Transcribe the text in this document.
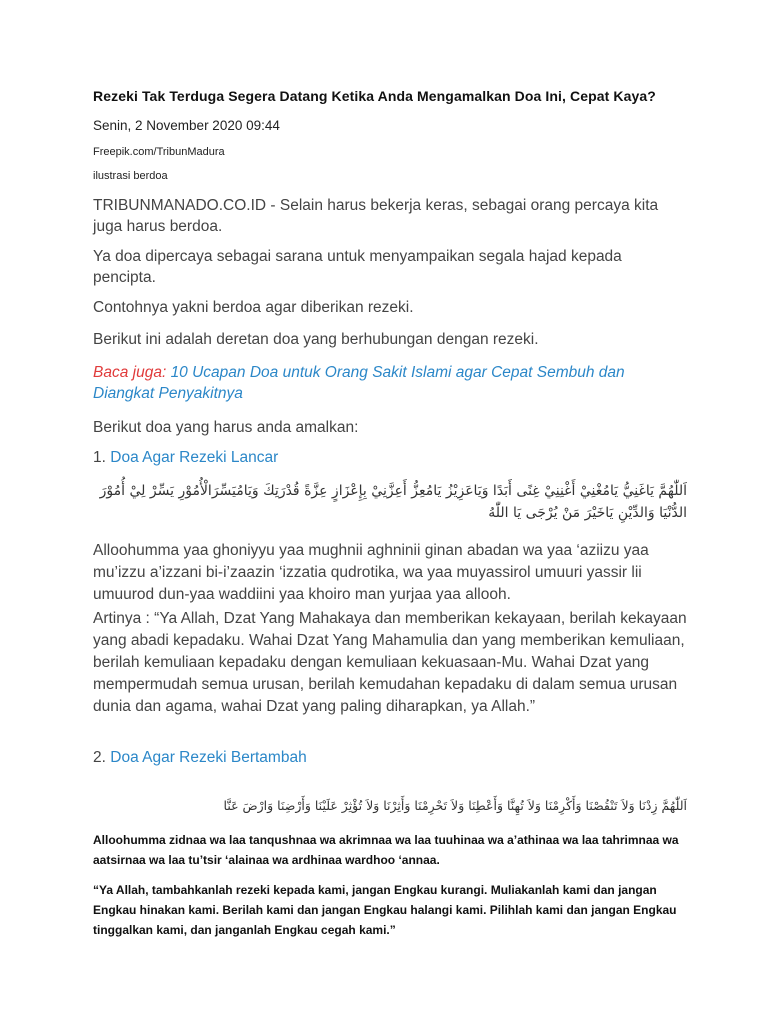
Rezeki Tak Terduga Segera Datang Ketika Anda Mengamalkan Doa Ini, Cepat Kaya?
Senin, 2 November 2020 09:44
Freepik.com/TribunMadura
ilustrasi berdoa

TRIBUNMANADO.CO.ID - Selain harus bekerja keras, sebagai orang percaya kita juga harus berdoa.

Ya doa dipercaya sebagai sarana untuk menyampaikan segala hajad kepada pencipta.

Contohnya yakni berdoa agar diberikan rezeki.

Berikut ini adalah deretan doa yang berhubungan dengan rezeki.

Baca juga: 10 Ucapan Doa untuk Orang Sakit Islami agar Cepat Sembuh dan Diangkat Penyakitnya

Berikut doa yang harus anda amalkan:

1. Doa Agar Rezeki Lancar

اَللّٰهُمَّ يَاغَنِيُّ يَامُغْنِيْ أَغْنِنِيْ غِنًى أَبَدًا وَيَاعَزِيْزُ يَامُعِزُّ أَعِزَّنِيْ بِإِعْزَازٍ عِزَّةً قُدْرَتِكَ وَيَامُيَسِّرَالْأُمُوْرِ يَسِّرْ لِيْ أُمُوْرَ الدُّنْيَا وَالدِّيْنِ يَاخَيْرَ مَنْ يُرْجَى يَا اللّٰهُ

Alloohumma yaa ghoniyyu yaa mughnii aghninii ginan abadan wa yaa ‘aziizu yaa mu’izzu a’izzani bi-i’zaazin ‘izzatia qudrotika, wa yaa muyassirol umuuri yassir lii umuurod dun-yaa waddiini yaa khoiro man yurjaa yaa allooh.

Artinya : “Ya Allah, Dzat Yang Mahakaya dan memberikan kekayaan, berilah kekayaan yang abadi kepadaku. Wahai Dzat Yang Mahamulia dan yang memberikan kemuliaan, berilah kemuliaan kepadaku dengan kemuliaan kekuasaan-Mu. Wahai Dzat yang mempermudah semua urusan, berilah kemudahan kepadaku di dalam semua urusan dunia dan agama, wahai Dzat yang paling diharapkan, ya Allah.”

2. Doa Agar Rezeki Bertambah

اَللّٰهُمَّ زِدْنَا وَلاَ تَنْقُصْنَا وَأَكْرِمْنَا وَلاَ تُهِنَّا وَأَعْطِنَا وَلاَ تَحْرِمْنَا وَأَثِرْنَا وَلاَ تُؤْثِرْ عَلَيْنَا وَأَرْضِنَا وَارْضَ عَنَّا

Alloohumma zidnaa wa laa tanqushnaa wa akrimnaa wa laa tuuhinaa wa a’athinaa wa laa tahrimnaa wa aatsirnaa wa laa tu’tsir ‘alainaa wa ardhinaa wardhoo ‘annaa.

“Ya Allah, tambahkanlah rezeki kepada kami, jangan Engkau kurangi. Muliakanlah kami dan jangan Engkau hinakan kami. Berilah kami dan jangan Engkau halangi kami. Pilihlah kami dan jangan Engkau tinggalkan kami, dan janganlah Engkau cegah kami.”
